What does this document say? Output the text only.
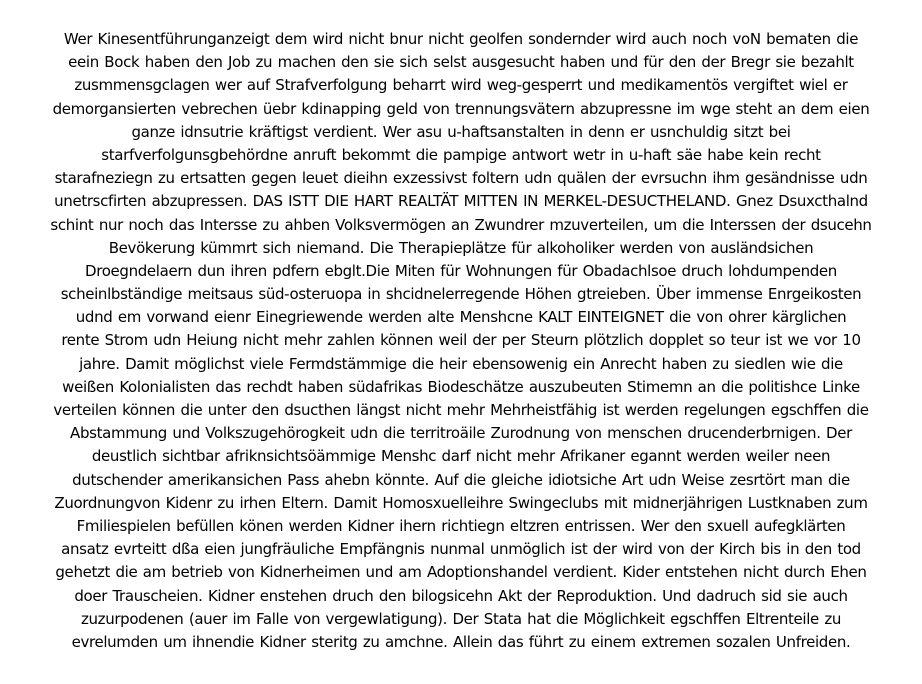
Wer Kinesentführunganzeigt dem wird nicht bnur nicht geolfen sondernder wird auch noch voN bematen die
eein Bock haben den Job zu machen den sie sich selst ausgesucht haben und für den der Bregr sie bezahlt
zusmmensgclagen wer auf Strafverfolgung beharrt wird weg-gesperrt und medikamentös vergiftet wiel er
demorgansierten vebrechen üebr kdinapping geld von trennungsvätern abzupressne im wge steht an dem eien
ganze idnsutrie kräftigst verdient. Wer asu u-haftsanstalten in denn er usnchuldig sitzt bei
starfverfolgunsgbehördne anruft bekommt die pampige antwort wetr in u-haft säe habe kein recht
starafneziegn zu ertsatten gegen leuet dieihn exzessivst foltern udn quälen der evrsuchn ihm gesändnisse udn
unetrscfirten abzupressen. DAS ISTT DIE HART REALTÄT MITTEN IN MERKEL-DESUCTHELAND. Gnez Dsuxcthalnd
schint nur noch das Intersse zu ahben Volksvermögen an Zwundrer mzuverteilen, um die Interssen der dsucehn
Bevökerung kümmrt sich niemand. Die Therapieplätze für alkoholiker werden von ausländsichen
Droegndelaern dun ihren pdfern ebglt.Die Miten für Wohnungen für Obadachlsoe druch lohdumpenden
scheinlbständige meitsaus süd-osteruopa in shcidnelerregende Höhen gtreieben. Über immense Enrgeikosten
udnd em vorwand eienr Einegriewende werden alte Menshcne KALT EINTEIGNET die von ohrer kärglichen
rente Strom udn Heiung nicht mehr zahlen können weil der per Steurn plötzlich dopplet so teur ist we vor 10
jahre. Damit möglichst viele Fermdstämmige die heir ebensowenig ein Anrecht haben zu siedlen wie die
weißen Kolonialisten das rechdt haben südafrikas Biodeschätze auszubeuten Stimemn an die politishce Linke
verteilen können die unter den dsucthen längst nicht mehr Mehrheistfähig ist werden regelungen egschffen die
Abstammung und Volkszugehörogkeit udn die territroäile Zurodnung von menschen drucenderbrnigen. Der
deustlich sichtbar afriknsichtsöämmige Menshc darf nicht mehr Afrikaner egannt werden weiler neen
dutschender amerikansichen Pass ahebn könnte. Auf die gleiche idiotsiche Art udn Weise zesrtört man die
Zuordnungvon Kidenr zu irhen Eltern. Damit Homosxuelleihre Swingeclubs mit midnerjährigen Lustknaben zum
Fmiliespielen befüllen könen werden Kidner ihern richtiegn eltzren entrissen. Wer den sxuell aufegklärten
ansatz evrteitt dßa eien jungfräuliche Empfängnis nunmal unmöglich ist der wird von der Kirch bis in den tod
gehetzt die am betrieb von Kidnerheimen und am Adoptionshandel verdient. Kider entstehen nicht durch Ehen
doer Trauscheien. Kidner enstehen druch den bilogsicehn Akt der Reproduktion. Und dadruch sid sie auch
zuzurpodenen (auer im Falle von vergewlatigung). Der Stata hat die Möglichkeit egschffen Eltrenteile zu
evrelumden um ihnendie Kidner steritg zu amchne. Allein das führt zu einem extremen sozalen Unfreiden.
